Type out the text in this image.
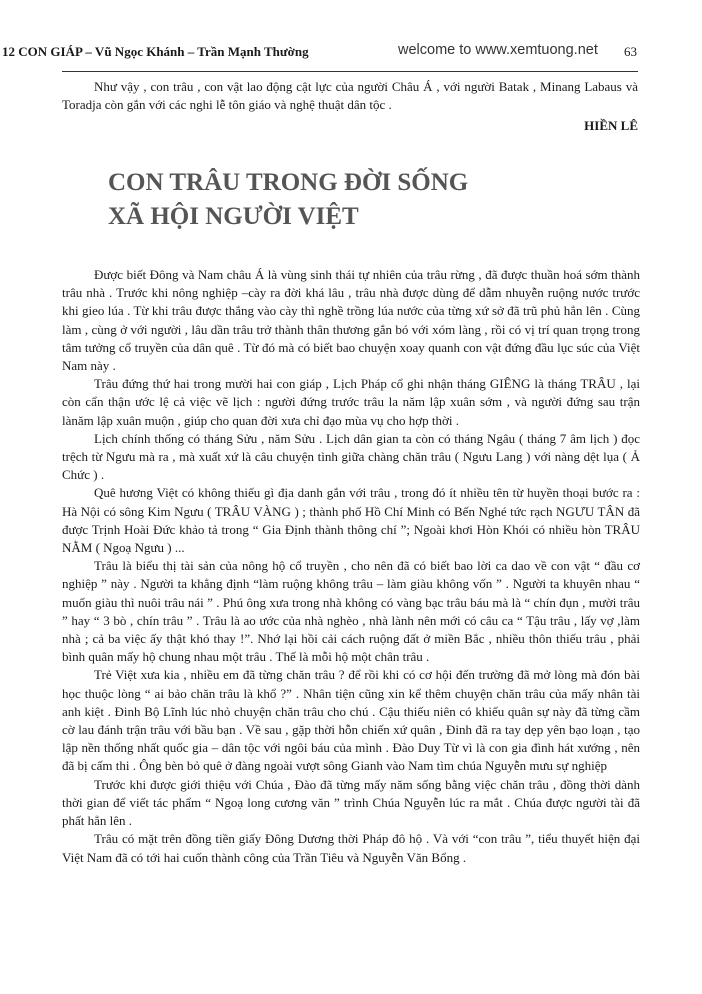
12 CON GIÁP – Vũ Ngọc Khánh – Trần Mạnh Thường	welcome to www.xemtuong.net 63

Như vậy , con trâu , con vật lao động cật lực của người Châu Á , với người Batak , Minang Labaus và Toradja còn gắn với các nghi lễ tôn giáo và nghệ thuật dân tộc .

HIỀN LÊ
CON TRÂU TRONG ĐỜI SỐNG
XÃ HỘI NGƯỜI VIỆT

Được biết Đông và Nam châu Á là vùng sinh thái tự nhiên của trâu rừng , đã được thuần hoá sớm thành trâu nhà . Trước khi nông nghiệp –cày ra đời khá lâu , trâu nhà được dùng để dẫm nhuyễn ruộng nước trước khi gieo lúa . Từ khi trâu được thắng vào cày thì nghề trồng lúa nước của từng xứ sở đã trũ phủ hẳn lên . Cùng làm , cùng ở với người , lâu dần trâu trở thành thân thương gắn bó với xóm làng , rồi có vị trí quan trọng trong tâm tưởng cổ truyền của dân quê . Từ đó mà có biết bao chuyện xoay quanh con vật đứng đầu lục súc của Việt Nam này .

Trâu đứng thứ hai trong mười hai con giáp , Lịch Pháp cổ ghi nhận tháng GIÊNG là tháng TRÂU , lại còn cẩn thận ước lệ cả việc vẽ lịch : người đứng trước trâu la năm lập xuân sớm , và người đứng sau trận lànăm lập xuân muộn , giúp cho quan đời xưa chỉ đạo mùa vụ cho hợp thời .

Lịch chính thống có tháng Sửu , năm Sửu . Lịch dân gian ta còn có tháng Ngâu ( tháng 7 âm lịch ) đọc trệch từ Ngưu mà ra , mà xuất xứ là câu chuyện tình giữa chàng chăn trâu ( Ngưu Lang ) với nàng dệt lụa ( Ả Chức ) .

Quê hương Việt có không thiếu gì địa danh gắn với trâu , trong đó ít nhiều tên từ huyền thoại bước ra : Hà Nội có sông Kim Ngưu ( TRÂU VÀNG ) ; thành phố Hồ Chí Minh có Bến Nghé tức rạch NGƯU TÂN đã được Trịnh Hoài Đức khảo tả trong “ Gia Định thành thông chí ”; Ngoài khơi Hòn Khói có nhiều hòn TRÂU NẰM ( Ngoạ Ngưu ) ...

Trâu là biểu thị tài sản của nông hộ cổ truyền , cho nên đã có biết bao lời ca dao về con vật “ đầu cơ nghiệp ” này . Người ta khẳng định “làm ruộng không trâu – làm giàu không vốn ” . Người ta khuyên nhau “ muốn giàu thì nuôi trâu nái ” . Phú ông xưa trong nhà không có vàng bạc trâu báu mà là “ chín đụn , mười trâu ” hay “ 3 bò , chín trâu ” . Trâu là ao ước của nhà nghèo , nhà lành nên mới có câu ca “ Tậu trâu , lấy vợ ,làm nhà ; cả ba việc ấy thật khó thay !”. Nhớ lại hồi cải cách ruộng đất ở miền Bắc , nhiều thôn thiếu trâu , phải bình quân mấy hộ chung nhau một trâu . Thế là mỗi hộ một chân trâu .

Trẻ Việt xưa kia , nhiều em đã từng chăn trâu ? để rồi khi có cơ hội đến trường đã mở lòng mà đón bài học thuộc lòng “ ai bảo chăn trâu là khổ ?” . Nhân tiện cũng xin kể thêm chuyện chăn trâu của mấy nhân tài anh kiệt . Đinh Bộ Lĩnh lúc nhỏ chuyện chăn trâu cho chú . Cậu thiếu niên có khiếu quân sự này đã từng cầm cờ lau đánh trận trâu với bầu bạn . Về sau , gặp thời hỗn chiến xứ quân , Đinh đã ra tay dẹp yên bạo loạn , tạo lập nền thống nhất quốc gia – dân tộc với ngôi báu của mình . Đào Duy Từ vì là con gia đình hát xướng , nên đã bị cấm thi . Ông bèn bỏ quê ở đàng ngoài vượt sông Gianh vào Nam tìm chúa Nguyễn mưu sự nghiệp

Trước khi được giới thiệu với Chúa , Đào đã từng mấy năm sống bằng việc chăn trâu , đồng thời dành thời gian để viết tác phẩm “ Ngoạ long cương văn ” trình Chúa Nguyễn lúc ra mắt . Chúa được người tài đã phất hẳn lên .

Trâu có mặt trên đồng tiền giấy Đông Dương thời Pháp đô hộ . Và với “con trâu ”, tiểu thuyết hiện đại Việt Nam đã có tới hai cuốn thành công của Trần Tiêu và Nguyễn Văn Bổng .
